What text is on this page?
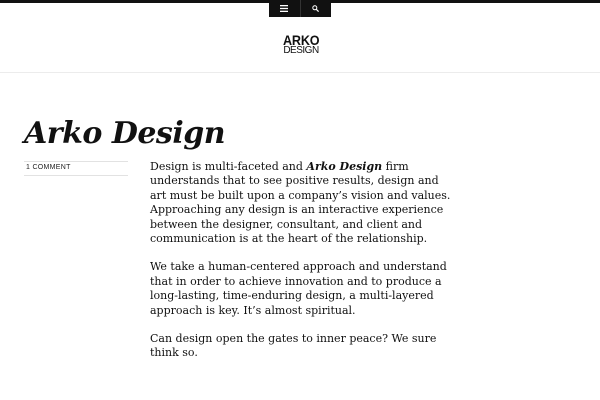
ARKO
DESIGN
Arko Design
1 COMMENT	Design is multi-faceted and Arko Design firm understands that to see positive results, design and art must be built upon a company’s vision and values. Approaching any design is an interactive experience between the designer, consultant, and client and communication is at the heart of the relationship.

We take a human-centered approach and understand that in order to achieve innovation and to produce a long-lasting, time-enduring design, a multi-layered approach is key. It’s almost spiritual.

Can design open the gates to inner peace? We sure think so.
